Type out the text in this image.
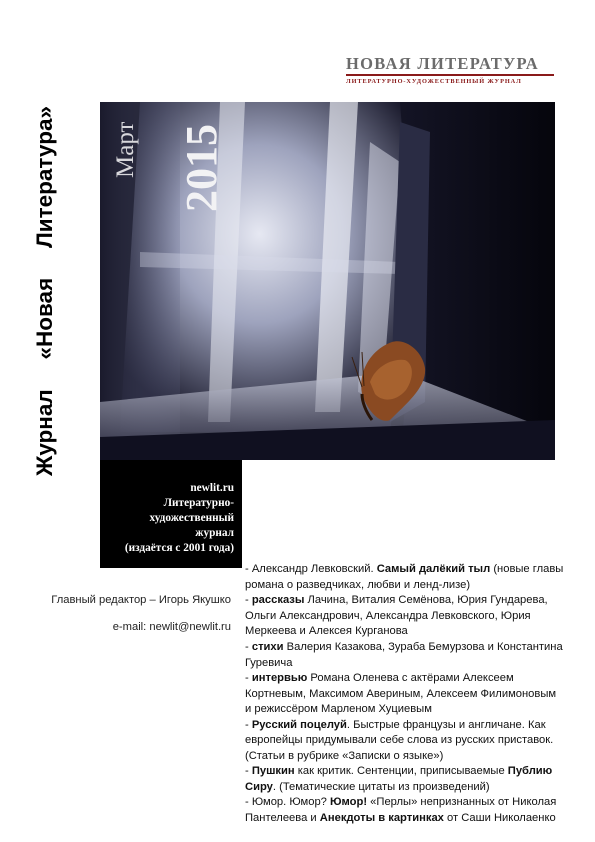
НОВАЯ ЛИТЕРАТУРА
ЛИТЕРАТУРНО-ХУДОЖЕСТВЕННЫЙ ЖУРНАЛ
Журнал
«Новая
Литература» Март 2015
newlit.ru
Литературно-
художественный
журнал
(издаётся с 2001 года)
В номере:
- Саша Николаенко. Тринадцать счастливых случаев (истории о нежданном счастье), Властелин Мира (повесть о маме и сыне-подростке)
- Юрий Меркеев. Одна из десяти жизней (рассказы о просветлении и заблудившейся совести)
- Александр Левковский. Самый далёкий тыл (новые главы романа о разведчиках, любви и ленд-лизе)
- рассказы Лачина, Виталия Семёнова, Юрия Гундарева, Ольги Александрович, Александра Левковского, Юрия Меркеева и Алексея Курганова
- стихи Валерия Казакова, Зураба Бемурзова и Константина Гуревича
- интервью Романа Оленева с актёрами Алексеем Кортневым, Максимом Авериным, Алексеем Филимоновым и режиссёром Марленом Хуциевым
- Русский поцелуй. Быстрые французы и англичане. Как европейцы придумывали себе слова из русских приставок. (Статьи в рубрике «Записки о языке»)
- Пушкин как критик. Сентенции, приписываемые Публию Сиру. (Тематические цитаты из произведений)
- Юмор. Юмор? Юмор! «Перлы» непризнанных от Николая Пантелеева и Анекдоты в картинках от Саши Николаенко
Главный редактор – Игорь Якушко
e-mail: newlit@newlit.ru
